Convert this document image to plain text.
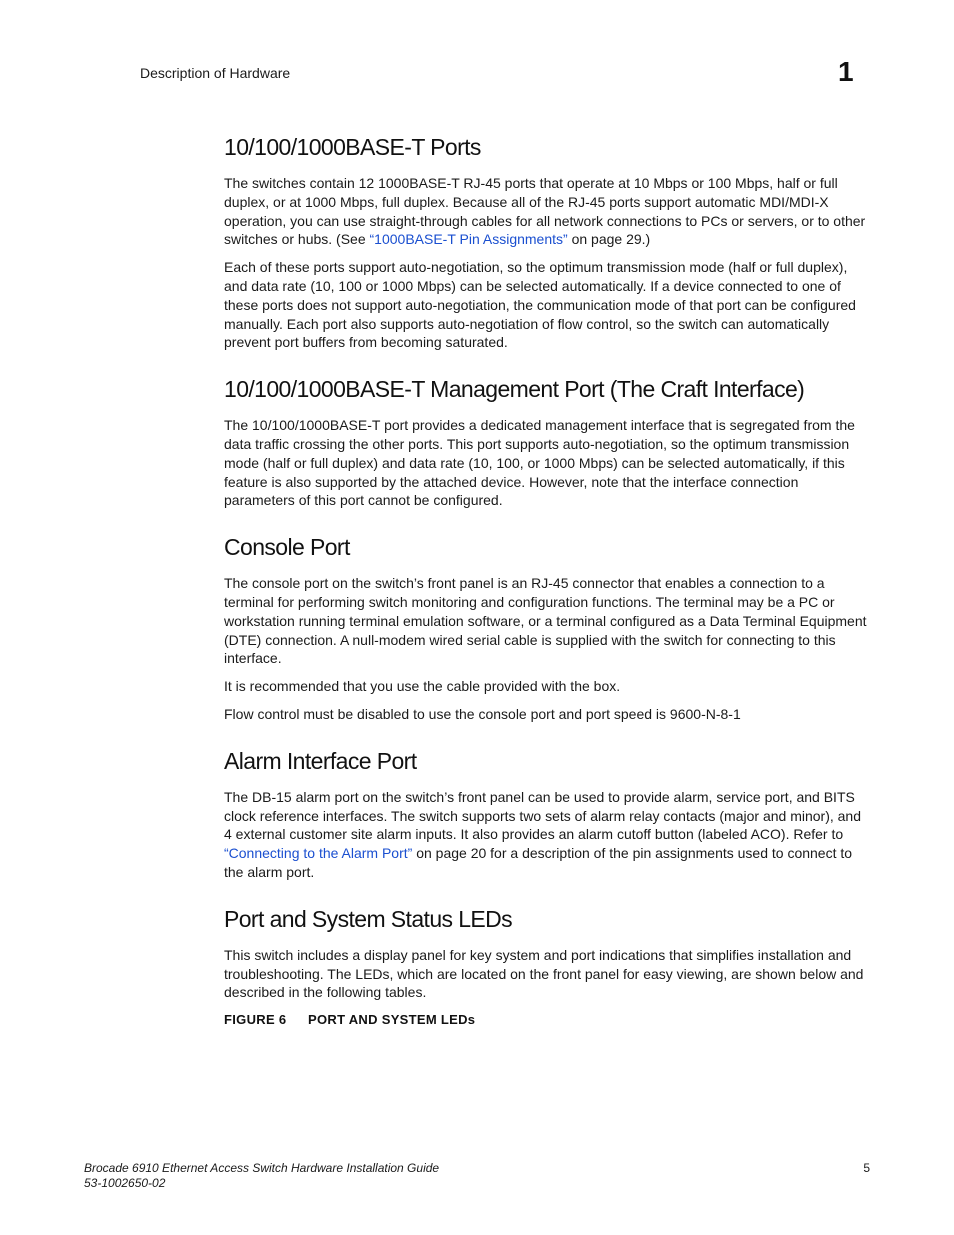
Description of Hardware	1
10/100/1000BASE-T Ports

The switches contain 12 1000BASE-T RJ-45 ports that operate at 10 Mbps or 100 Mbps, half or full duplex, or at 1000 Mbps, full duplex. Because all of the RJ-45 ports support automatic MDI/MDI-X operation, you can use straight-through cables for all network connections to PCs or servers, or to other switches or hubs. (See “1000BASE-T Pin Assignments” on page 29.)

Each of these ports support auto-negotiation, so the optimum transmission mode (half or full duplex), and data rate (10, 100 or 1000 Mbps) can be selected automatically. If a device connected to one of these ports does not support auto-negotiation, the communication mode of that port can be configured manually. Each port also supports auto-negotiation of flow control, so the switch can automatically prevent port buffers from becoming saturated.

10/100/1000BASE-T Management Port (The Craft Interface)

The 10/100/1000BASE-T port provides a dedicated management interface that is segregated from the data traffic crossing the other ports. This port supports auto-negotiation, so the optimum transmission mode (half or full duplex) and data rate (10, 100, or 1000 Mbps) can be selected automatically, if this feature is also supported by the attached device. However, note that the interface connection parameters of this port cannot be configured.

Console Port

The console port on the switch’s front panel is an RJ-45 connector that enables a connection to a terminal for performing switch monitoring and configuration functions. The terminal may be a PC or workstation running terminal emulation software, or a terminal configured as a Data Terminal Equipment (DTE) connection. A null-modem wired serial cable is supplied with the switch for connecting to this interface.

It is recommended that you use the cable provided with the box.

Flow control must be disabled to use the console port and port speed is 9600-N-8-1

Alarm Interface Port

The DB-15 alarm port on the switch’s front panel can be used to provide alarm, service port, and BITS clock reference interfaces. The switch supports two sets of alarm relay contacts (major and minor), and 4 external customer site alarm inputs. It also provides an alarm cutoff button (labeled ACO). Refer to “Connecting to the Alarm Port” on page 20 for a description of the pin assignments used to connect to the alarm port.

Port and System Status LEDs

This switch includes a display panel for key system and port indications that simplifies installation and troubleshooting. The LEDs, which are located on the front panel for easy viewing, are shown below and described in the following tables.

FIGURE 6 PORT AND SYSTEM LEDs
Brocade 6910 Ethernet Access Switch Hardware Installation Guide
53-1002650-02
5
